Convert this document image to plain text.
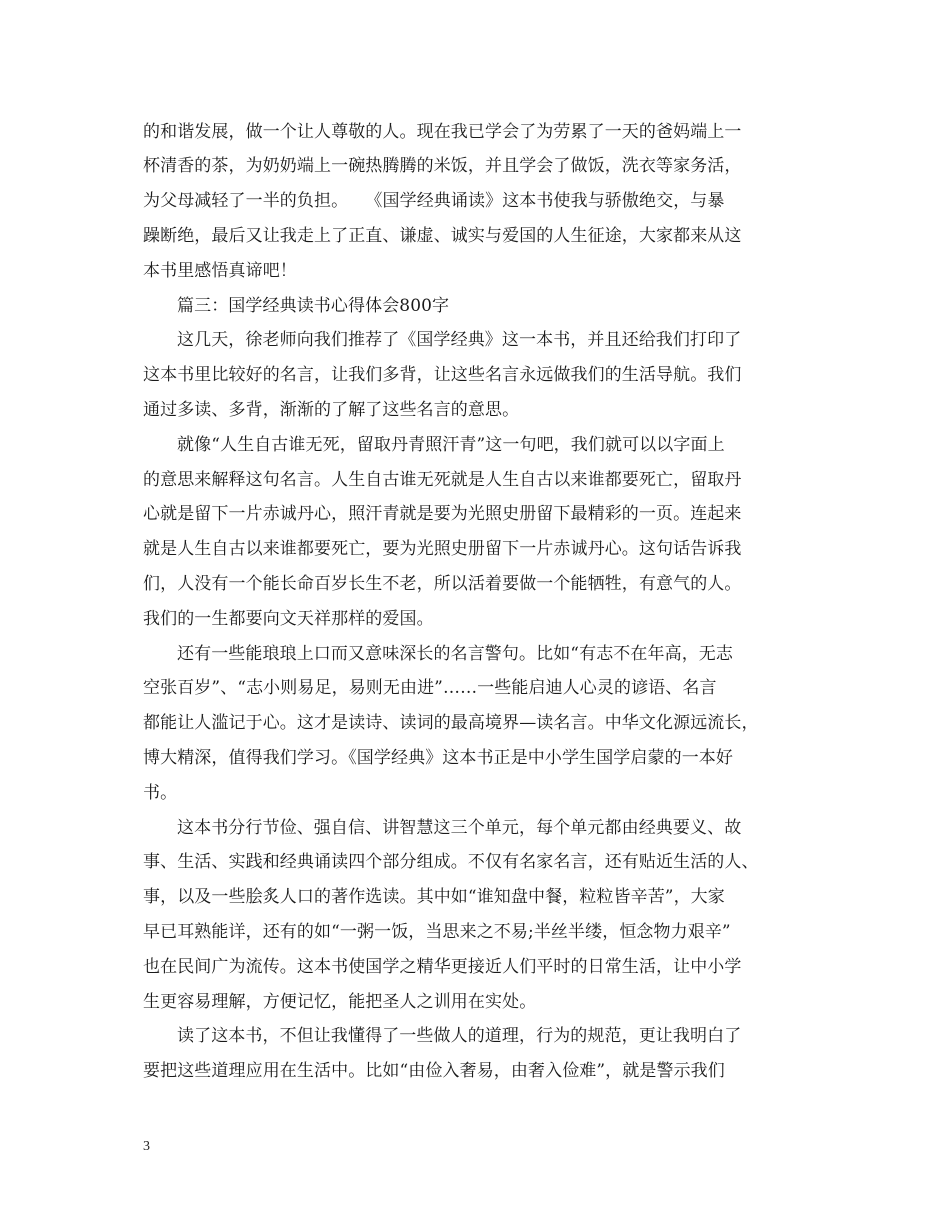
的和谐发展，做一个让人尊敬的人。现在我已学会了为劳累了一天的爸妈端上一
杯清香的茶，为奶奶端上一碗热腾腾的米饭，并且学会了做饭，洗衣等家务活，
为父母减轻了一半的负担。　　《国学经典诵读》这本书使我与骄傲绝交，与暴
躁断绝，最后又让我走上了正直、谦虚、诚实与爱国的人生征途，大家都来从这
本书里感悟真谛吧！
篇三：国学经典读书心得体会800字
这几天，徐老师向我们推荐了《国学经典》这一本书，并且还给我们打印了
这本书里比较好的名言，让我们多背，让这些名言永远做我们的生活导航。我们
通过多读、多背，渐渐的了解了这些名言的意思。
就像“人生自古谁无死，留取丹青照汗青”这一句吧，我们就可以以字面上
的意思来解释这句名言。人生自古谁无死就是人生自古以来谁都要死亡，留取丹
心就是留下一片赤诚丹心，照汗青就是要为光照史册留下最精彩的一页。连起来
就是人生自古以来谁都要死亡，要为光照史册留下一片赤诚丹心。这句话告诉我
们，人没有一个能长命百岁长生不老，所以活着要做一个能牺牲，有意气的人。
我们的一生都要向文天祥那样的爱国。
还有一些能琅琅上口而又意味深长的名言警句。比如“有志不在年高，无志
空张百岁”、“志小则易足，易则无由进”……一些能启迪人心灵的谚语、名言
都能让人滥记于心。这才是读诗、读词的最高境界—读名言。中华文化源远流长，
博大精深，值得我们学习。《国学经典》这本书正是中小学生国学启蒙的一本好
书。
这本书分行节俭、强自信、讲智慧这三个单元，每个单元都由经典要义、故
事、生活、实践和经典诵读四个部分组成。不仅有名家名言，还有贴近生活的人、
事，以及一些脍炙人口的著作选读。其中如“谁知盘中餐，粒粒皆辛苦”，大家
早已耳熟能详，还有的如“一粥一饭，当思来之不易;半丝半缕，恒念物力艰辛”
也在民间广为流传。这本书使国学之精华更接近人们平时的日常生活，让中小学
生更容易理解，方便记忆，能把圣人之训用在实处。
读了这本书，不但让我懂得了一些做人的道理，行为的规范，更让我明白了
要把这些道理应用在生活中。比如“由俭入奢易，由奢入俭难”，就是警示我们
3
